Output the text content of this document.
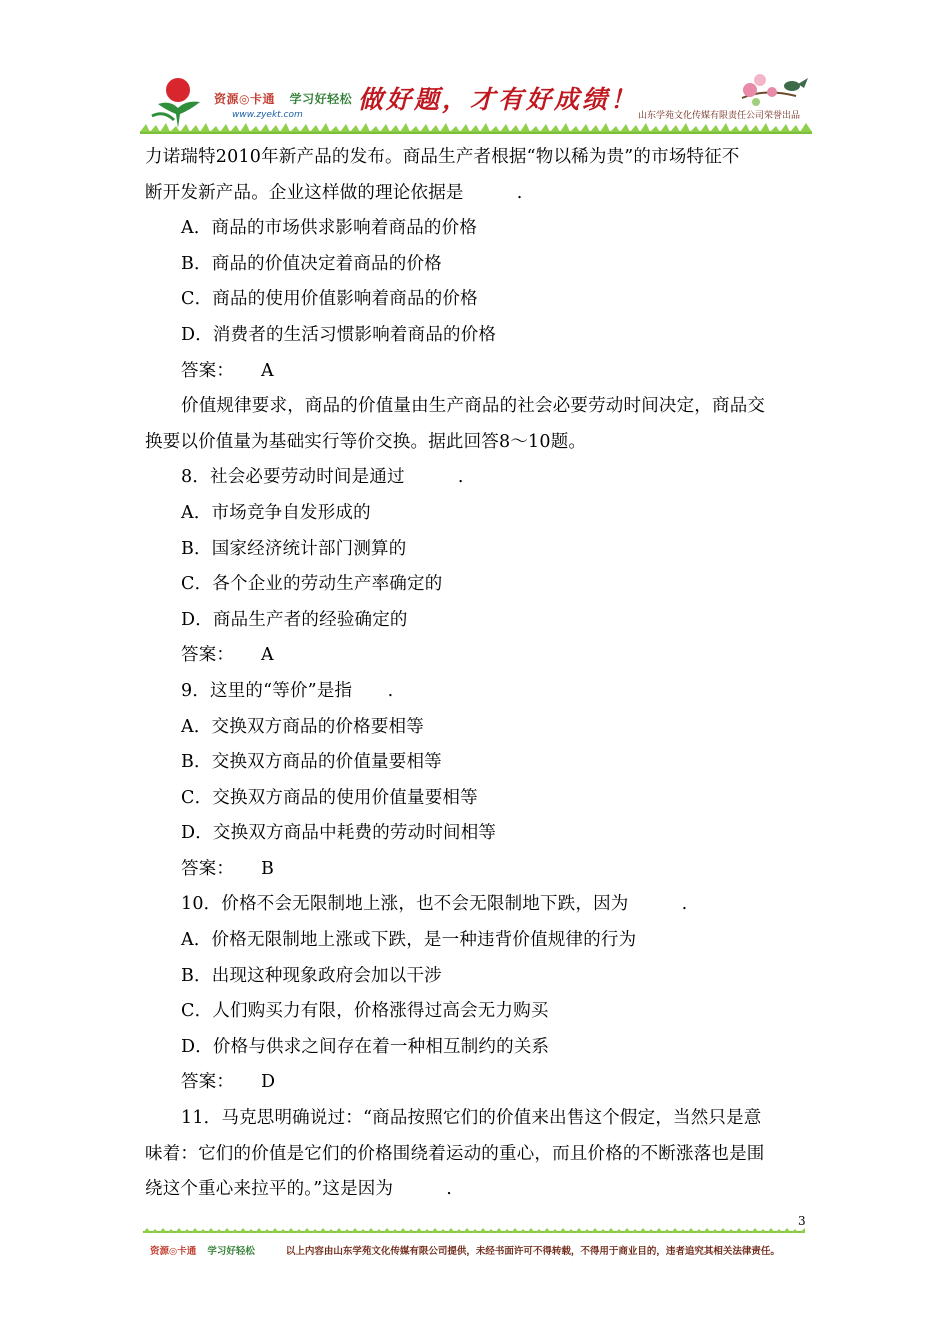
资源◎卡通 学习好轻松
www.zyekt.com
做好题，才有好成绩！
山东学苑文化传媒有限责任公司荣誉出品
力诺瑞特2010年新产品的发布。商品生产者根据“物以稀为贵”的市场特征不
断开发新产品。企业这样做的理论依据是　　　.
A．商品的市场供求影响着商品的价格
B．商品的价值决定着商品的价格
C．商品的使用价值影响着商品的价格
D．消费者的生活习惯影响着商品的价格
答案： A
价值规律要求，商品的价值量由生产商品的社会必要劳动时间决定，商品交
换要以价值量为基础实行等价交换。据此回答8～10题。
8．社会必要劳动时间是通过　　　.
A．市场竞争自发形成的
B．国家经济统计部门测算的
C．各个企业的劳动生产率确定的
D．商品生产者的经验确定的
答案： A
9．这里的“等价”是指　　.
A．交换双方商品的价格要相等
B．交换双方商品的价值量要相等
C．交换双方商品的使用价值量要相等
D．交换双方商品中耗费的劳动时间相等
答案： B
10．价格不会无限制地上涨，也不会无限制地下跌，因为　　　.
A．价格无限制地上涨或下跌，是一种违背价值规律的行为
B．出现这种现象政府会加以干涉
C．人们购买力有限，价格涨得过高会无力购买
D．价格与供求之间存在着一种相互制约的关系
答案： D
11．马克思明确说过：“商品按照它们的价值来出售这个假定，当然只是意
味着：它们的价值是它们的价格围绕着运动的重心，而且价格的不断涨落也是围
绕这个重心来拉平的。”这是因为　　　.
3
资源◎卡通 学习好轻松	以上内容由山东学苑文化传媒有限公司提供，未经书面许可不得转载，不得用于商业目的，违者追究其相关法律责任。
